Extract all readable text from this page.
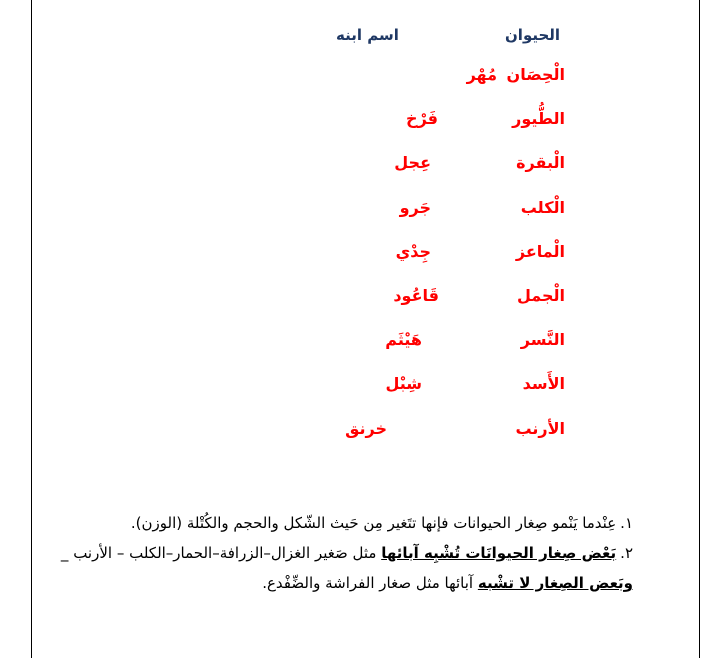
الحيوان
اسم ابنه
الْحِصَان
مُهْر
الطُّيور
فَرْخ
الْبقرة
عِجل
الْكلب
جَرو
الْماعز
جِدْي
الْجمل
قَاعُود
النَّسر
هَيْثَم
الأَسد
شِبْل
الأرنب
خرنق
١.عِنْدما يَنْمو صِغار الحيوانات فإنها تتَغير مِن حَيث الشّكل والحجم والكُتْلة (الوزن).
٢.بَعْض صِغار الحيوانَات تُشْبِه آبائها مثل صَغير الغزال–الزرافة–الحمار–الكلب – الأرنب _
وبَعض الصِغار لا تشْبه آبائها مثل صغار الفراشة والضِّفْدع.
